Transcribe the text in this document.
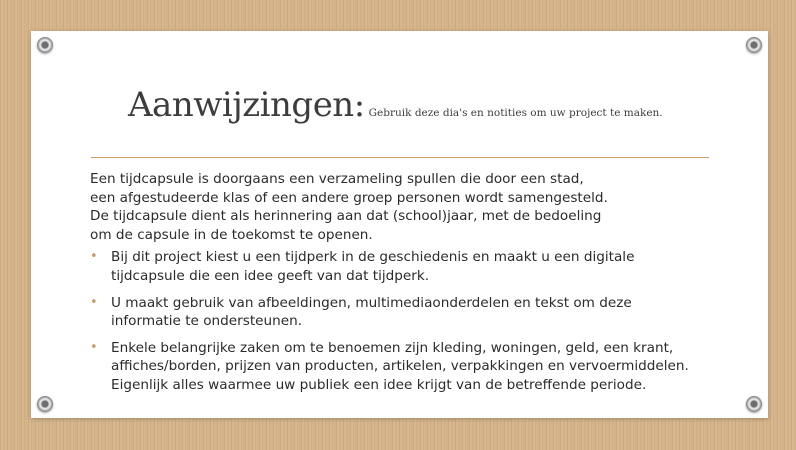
Aanwijzingen: Gebruik deze dia's en notities om uw project te maken.

Een tijdcapsule is doorgaans een verzameling spullen die door een stad,

een afgestudeerde klas of een andere groep personen wordt samengesteld.

De tijdcapsule dient als herinnering aan dat (school)jaar, met de bedoeling

om de capsule in de toekomst te openen.

• Bij dit project kiest u een tijdperk in de geschiedenis en maakt u een digitale
tijdcapsule die een idee geeft van dat tijdperk.
• U maakt gebruik van afbeeldingen, multimediaonderdelen en tekst om deze
informatie te ondersteunen.
• Enkele belangrijke zaken om te benoemen zijn kleding, woningen, geld, een krant,
affiches/borden, prijzen van producten, artikelen, verpakkingen en vervoermiddelen.
Eigenlijk alles waarmee uw publiek een idee krijgt van de betreffende periode.
